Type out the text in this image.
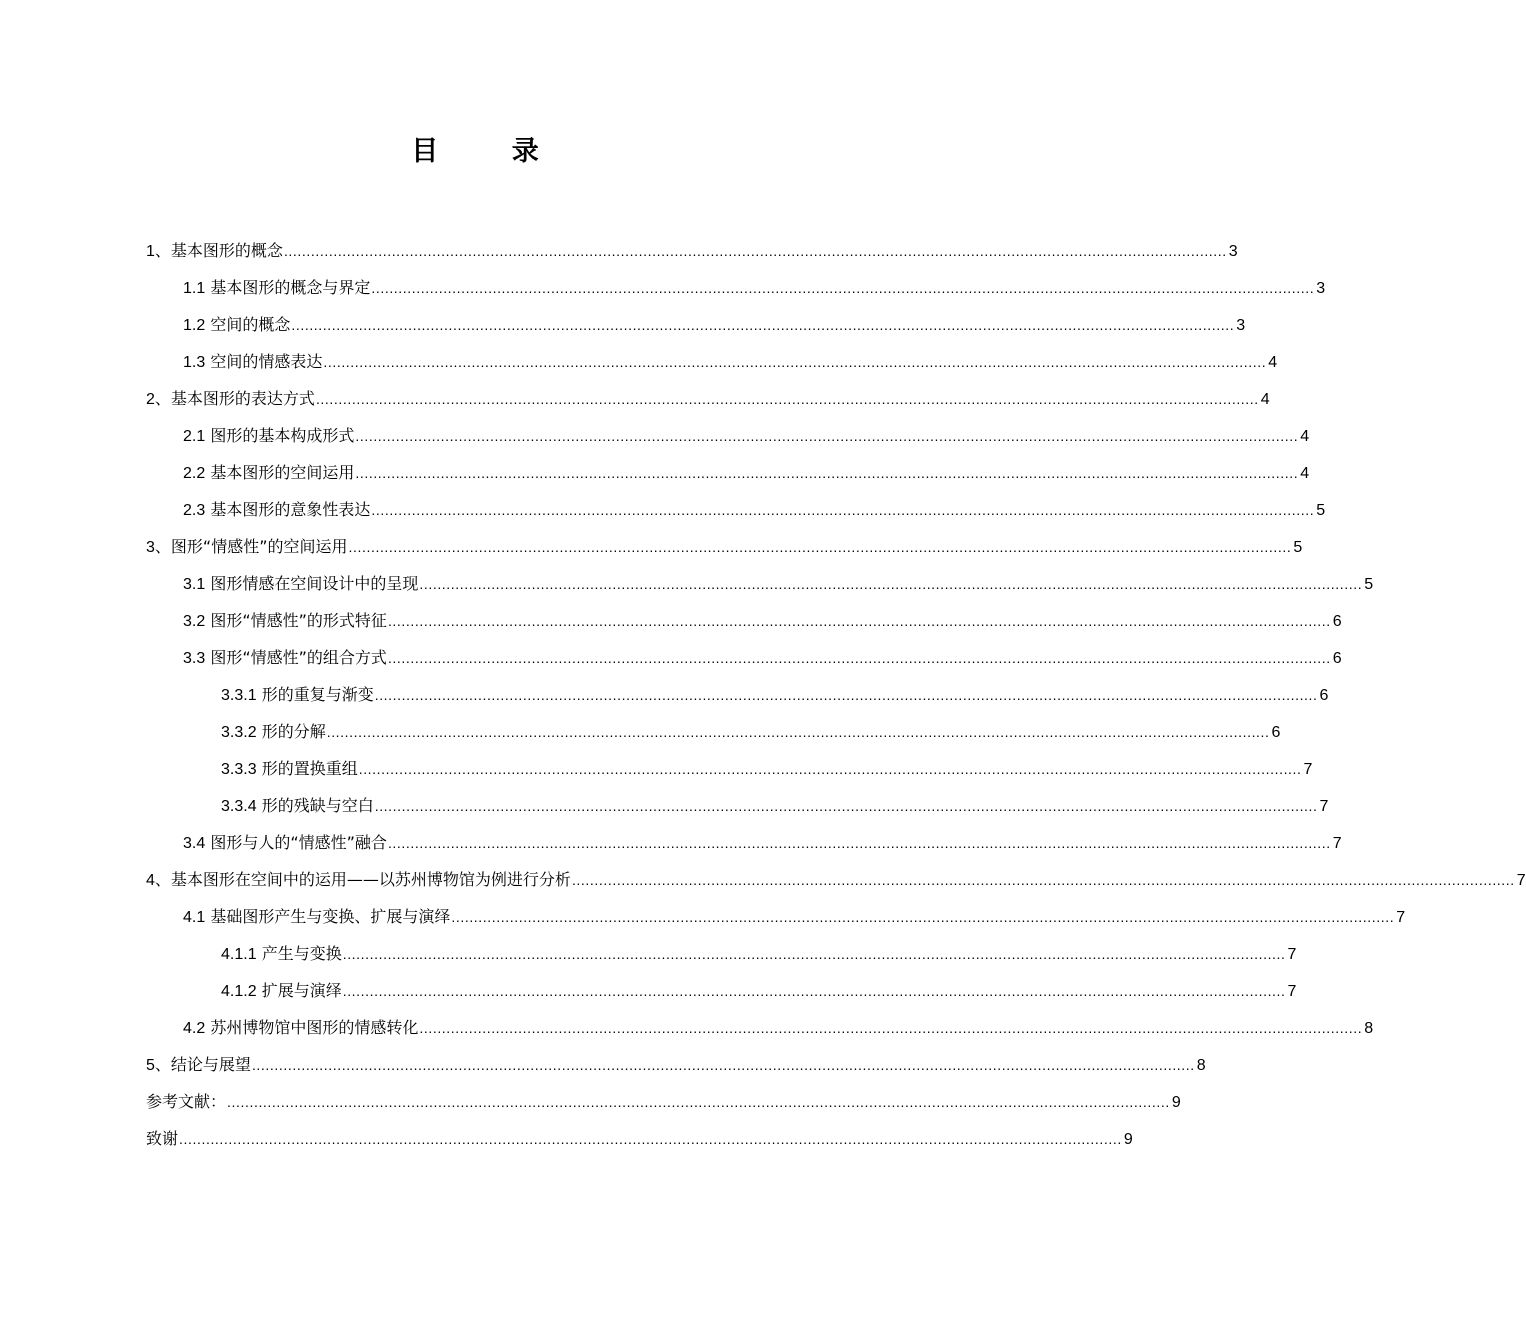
目 录
1、基本图形的概念 .................................................................................................................................................................................................................. 3
1.1 基本图形的概念与界定 .................................................................................................................................................................................................................. 3
1.2 空间的概念 .................................................................................................................................................................................................................. 3
1.3 空间的情感表达 .................................................................................................................................................................................................................. 4
2、基本图形的表达方式 .................................................................................................................................................................................................................. 4
2.1 图形的基本构成形式 .................................................................................................................................................................................................................. 4
2.2 基本图形的空间运用 .................................................................................................................................................................................................................. 4
2.3 基本图形的意象性表达 .................................................................................................................................................................................................................. 5
3、图形“情感性”的空间运用 .................................................................................................................................................................................................................. 5
3.1 图形情感在空间设计中的呈现 .................................................................................................................................................................................................................. 5
3.2 图形“情感性”的形式特征 .................................................................................................................................................................................................................. 6
3.3 图形“情感性”的组合方式 .................................................................................................................................................................................................................. 6
3.3.1 形的重复与渐变 .................................................................................................................................................................................................................. 6
3.3.2 形的分解 .................................................................................................................................................................................................................. 6
3.3.3 形的置换重组 .................................................................................................................................................................................................................. 7
3.3.4 形的残缺与空白 .................................................................................................................................................................................................................. 7
3.4 图形与人的“情感性”融合 .................................................................................................................................................................................................................. 7
4、基本图形在空间中的运用——以苏州博物馆为例进行分析 .................................................................................................................................................................................................................. 7
4.1 基础图形产生与变换、扩展与演绎 .................................................................................................................................................................................................................. 7
4.1.1 产生与变换 .................................................................................................................................................................................................................. 7
4.1.2 扩展与演绎 .................................................................................................................................................................................................................. 7
4.2 苏州博物馆中图形的情感转化 .................................................................................................................................................................................................................. 8
5、结论与展望 .................................................................................................................................................................................................................. 8
参考文献： .................................................................................................................................................................................................................. 9
致谢 .................................................................................................................................................................................................................. 9
